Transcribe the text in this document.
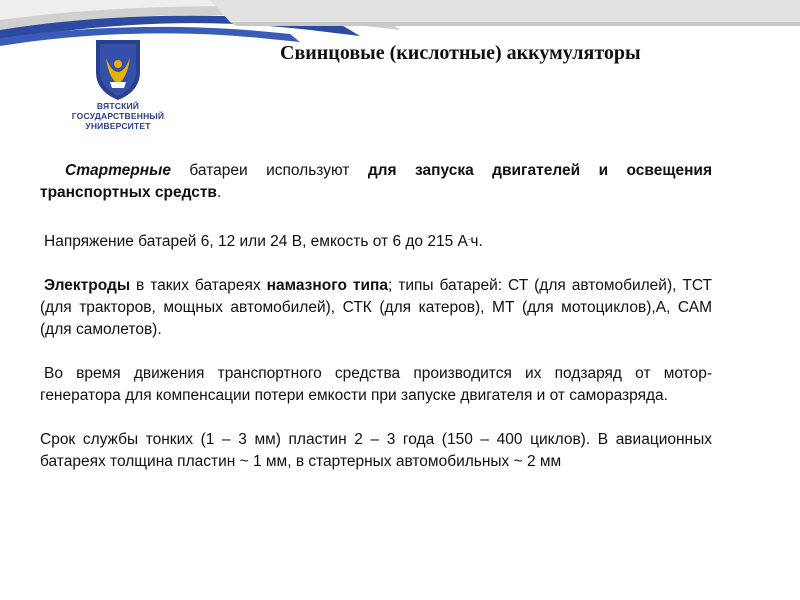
ВЯТСКИЙ
ГОСУДАРСТВЕННЫЙ
УНИВЕРСИТЕТ
Свинцовые (кислотные) аккумуляторы

Стартерные батареи используют для запуска двигателей и освещения транспортных средств.

Напряжение батарей 6, 12 или 24 В, емкость от 6 до 215 А.ч.

Электроды в таких батареях намазного типа; типы батарей: СТ (для автомобилей), ТСТ (для тракторов, мощных автомобилей), СТК (для катеров), МТ (для мотоциклов),А, САМ (для самолетов).

Во время движения транспортного средства производится их подзаряд от мотор-генератора для компенсации потери емкости при запуске двигателя и от саморазряда.

Срок службы тонких (1 – 3 мм) пластин 2 – 3 года (150 – 400 циклов). В авиационных батареях толщина пластин ~ 1 мм, в стартерных автомобильных ~ 2 мм
